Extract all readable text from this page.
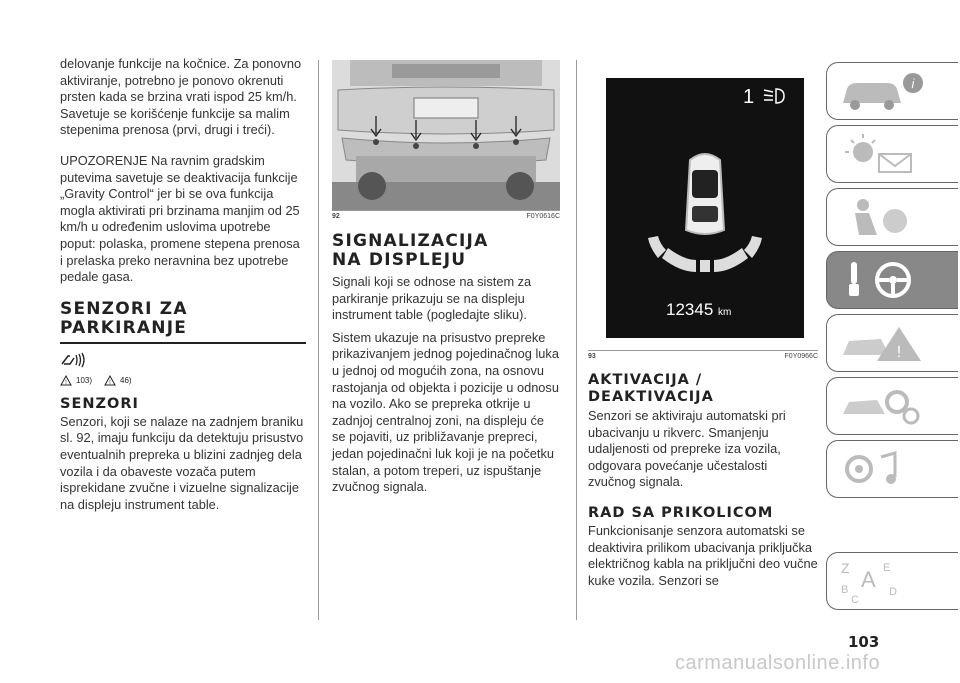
delovanje funkcije na kočnice. Za ponovno aktiviranje, potrebno je ponovo okrenuti prsten kada se brzina vrati ispod 25 km/h. Savetuje se korišćenje funkcije sa malim stepenima prenosa (prvi, drugi i treći).

UPOZORENJE Na ravnim gradskim putevima savetuje se deaktivacija funkcije „Gravity Control“ jer bi se ova funkcija mogla aktivirati pri brzinama manjim od 25 km/h u određenim uslovima upotrebe poput: polaska, promene stepena prenosa i prelaska preko neravnina bez upotrebe pedale gasa.

SENZORI ZA PARKIRANJE
! 103)	! 46)
SENZORI

Senzori, koji se nalaze na zadnjem braniku sl. 92, imaju funkciju da detektuju prisustvo eventualnih prepreka u blizini zadnjeg dela vozila i da obaveste vozača putem isprekidane zvučne i vizuelne signalizacije na displeju instrument table.

92	F0Y0616C
SIGNALIZACIJA NA DISPLEJU

Signali koji se odnose na sistem za parkiranje prikazuju se na displeju instrument table (pogledajte sliku).

Sistem ukazuje na prisustvo prepreke prikazivanjem jednog pojedinačnog luka u jednoj od mogućih zona, na osnovu rastojanja od objekta i pozicije u odnosu na vozilo. Ako se prepreka otkrije u zadnjoj centralnoj zoni, na displeju će se pojaviti, uz približavanje prepreci, jedan pojedinačni luk koji je na početku stalan, a potom treperi, uz ispuštanje zvučnog signala.

1
12345 km
93	F0Y0966C
AKTIVACIJA / DEAKTIVACIJA

Senzori se aktiviraju automatski pri ubacivanju u rikverc. Smanjenju udaljenosti od prepreke iza vozila, odgovara povećanje učestalosti zvučnog signala.

RAD SA PRIKOLICOM

Funkcionisanje senzora automatski se deaktivira prilikom ubacivanja priključka električnog kabla na priključni deo vučne kuke vozila. Senzori se

i
!
Z	E
B A D
C
103
carmanualsonline.info
